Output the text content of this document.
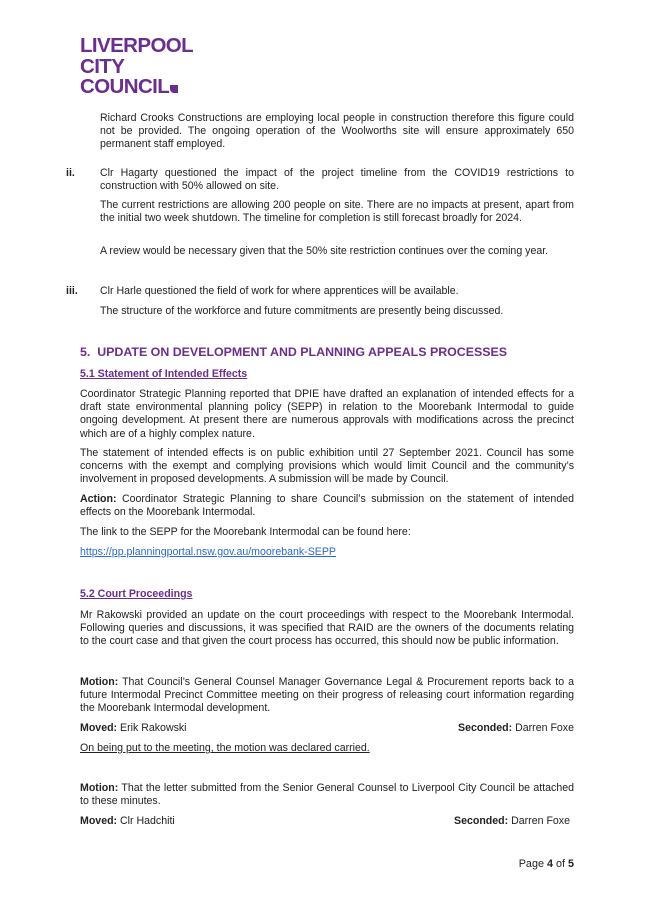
LIVERPOOL
CITY
COUNCIL
Richard Crooks Constructions are employing local people in construction therefore this figure could not be provided. The ongoing operation of the Woolworths site will ensure approximately 650 permanent staff employed.
ii. Clr Hagarty questioned the impact of the project timeline from the COVID19 restrictions to construction with 50% allowed on site.
The current restrictions are allowing 200 people on site. There are no impacts at present, apart from the initial two week shutdown. The timeline for completion is still forecast broadly for 2024.
A review would be necessary given that the 50% site restriction continues over the coming year.
iii. Clr Harle questioned the field of work for where apprentices will be available.
The structure of the workforce and future commitments are presently being discussed.
5.  UPDATE ON DEVELOPMENT AND PLANNING APPEALS PROCESSES
5.1 Statement of Intended Effects
Coordinator Strategic Planning reported that DPIE have drafted an explanation of intended effects for a draft state environmental planning policy (SEPP) in relation to the Moorebank Intermodal to guide ongoing development. At present there are numerous approvals with modifications across the precinct which are of a highly complex nature.
The statement of intended effects is on public exhibition until 27 September 2021. Council has some concerns with the exempt and complying provisions which would limit Council and the community’s involvement in proposed developments. A submission will be made by Council.
Action: Coordinator Strategic Planning to share Council’s submission on the statement of intended effects on the Moorebank Intermodal.
The link to the SEPP for the Moorebank Intermodal can be found here:
https://pp.planningportal.nsw.gov.au/moorebank-SEPP
5.2 Court Proceedings
Mr Rakowski provided an update on the court proceedings with respect to the Moorebank Intermodal. Following queries and discussions, it was specified that RAID are the owners of the documents relating to the court case and that given the court process has occurred, this should now be public information.
Motion: That Council’s General Counsel Manager Governance Legal & Procurement reports back to a future Intermodal Precinct Committee meeting on their progress of releasing court information regarding the Moorebank Intermodal development.
Moved: Erik Rakowski	Seconded: Darren Foxe
On being put to the meeting, the motion was declared carried.
Motion: That the letter submitted from the Senior General Counsel to Liverpool City Council be attached to these minutes.
Moved: Clr Hadchiti	Seconded: Darren Foxe
Page 4 of 5
